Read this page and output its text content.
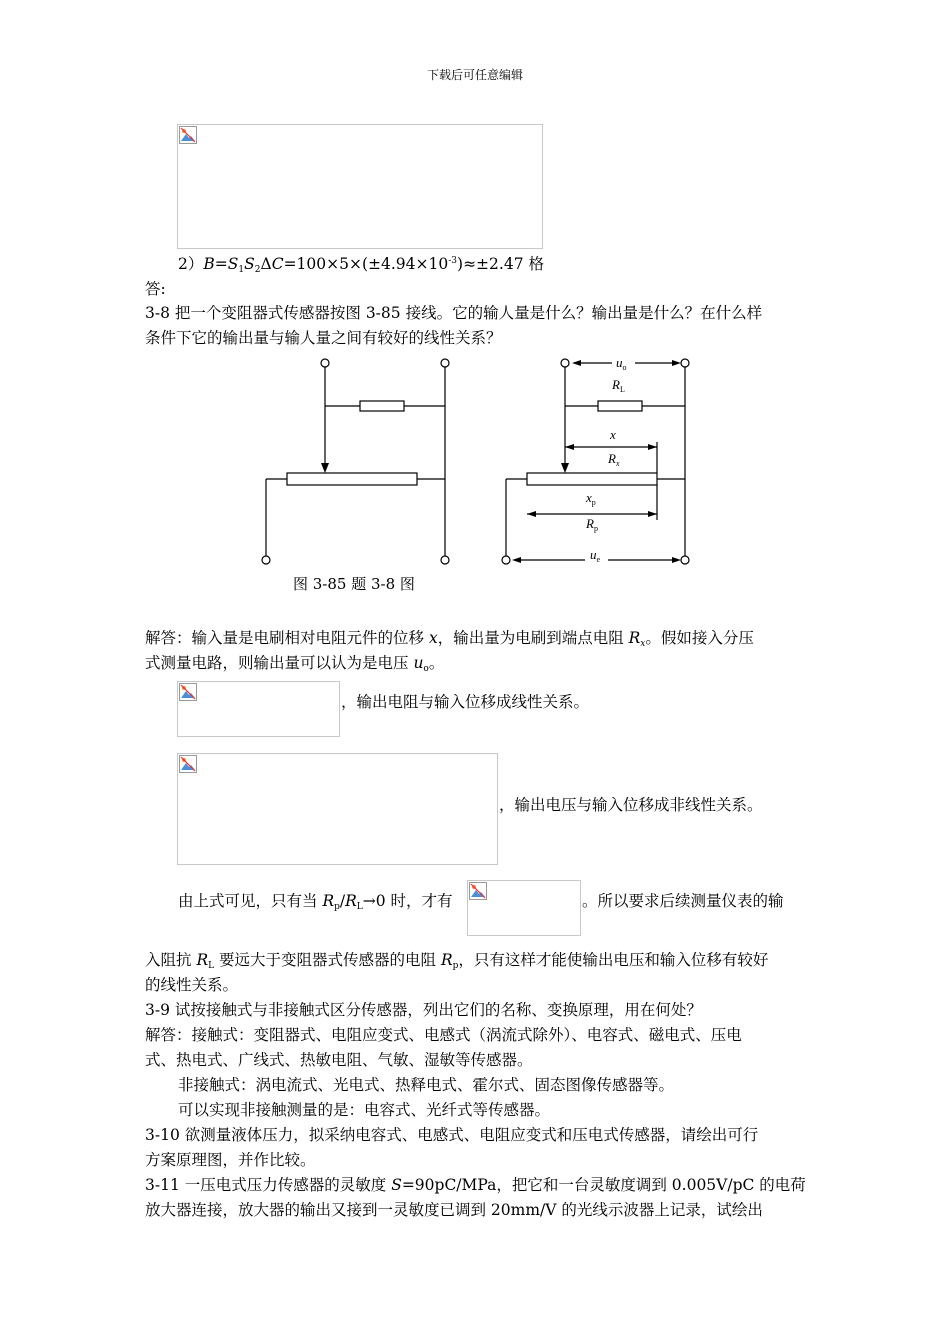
下载后可任意编辑
$2)B=S_1S_2\Delta C=100\times 5\times(\pm 4.94\times 10^{-3})\approx\pm 2.47$ 格
答:
3-8 把一个变阻器式传感器按图 3-85 接线。它的输人量是什么？输出量是什么？在什么样
条件下它的输出量与输人量之间有较好的线性关系？
$u_o$
$R_L$
x
$R_x$
$x_p$
$R_p$
$u_e$
图 3-85 题 3-8 图
解答：输入量是电刷相对电阻元件的位移 x，输出量为电刷到端点电阻 $R_x$。假如接入分压
式测量电路，则输出量可以认为是电压 $u_o$。
，输出电阻与输入位移成线性关系。
，输出电压与输入位移成非线性关系。
由上式可见，只有当 $R_p/R_L\to 0$ 时，才有	。所以要求后续测量仪表的输
入阻抗 $R_L$ 要远大于变阻器式传感器的电阻 $R_p$，只有这样才能使输出电压和输入位移有较好
的线性关系。
3-9 试按接触式与非接触式区分传感器，列出它们的名称、变换原理，用在何处？
解答：接触式：变阻器式、电阻应变式、电感式（涡流式除外）、电容式、磁电式、压电
式、热电式、广线式、热敏电阻、气敏、湿敏等传感器。
非接触式：涡电流式、光电式、热释电式、霍尔式、固态图像传感器等。
可以实现非接触测量的是：电容式、光纤式等传感器。
3-10 欲测量液体压力，拟采纳电容式、电感式、电阻应变式和压电式传感器，请绘出可行
方案原理图，并作比较。
3-11 一压电式压力传感器的灵敏度 S=90pC/MPa，把它和一台灵敏度调到 0.005V/pC 的电荷
放大器连接，放大器的输出又接到一灵敏度已调到 20mm/V 的光线示波器上记录，试绘出
